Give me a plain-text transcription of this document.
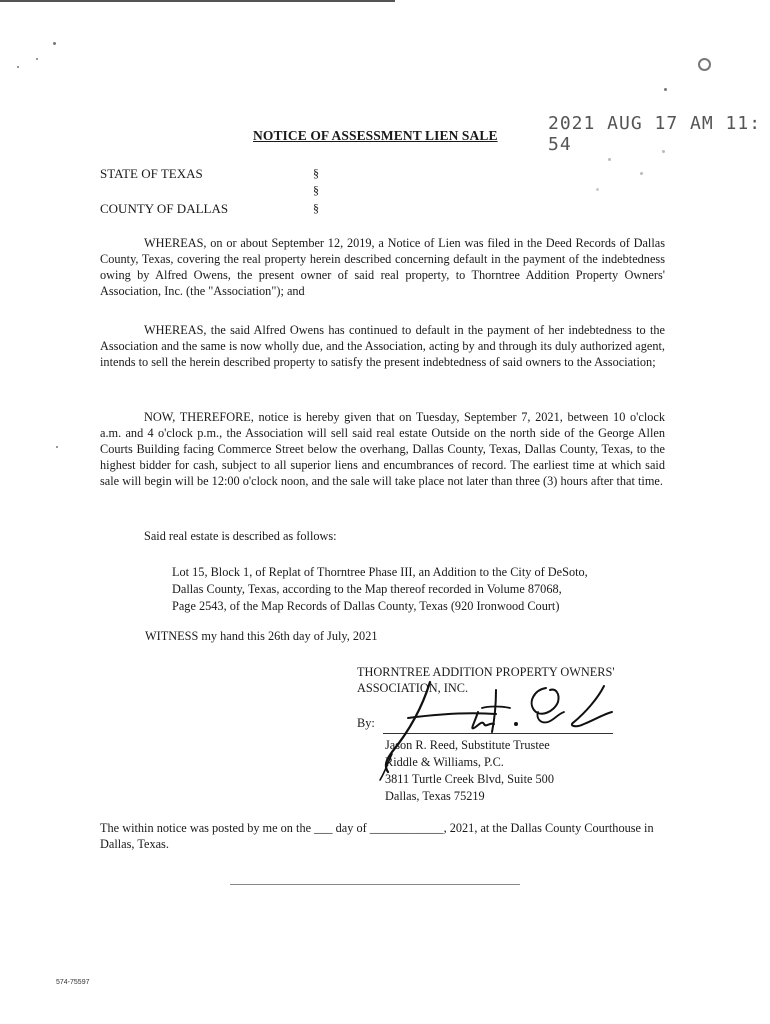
2021 AUG 17 AM 11: 54
NOTICE OF ASSESSMENT LIEN SALE
STATE OF TEXAS
COUNTY OF DALLAS
§
§
§
WHEREAS, on or about September 12, 2019, a Notice of Lien was filed in the Deed Records of Dallas County, Texas, covering the real property herein described concerning default in the payment of the indebtedness owing by Alfred Owens, the present owner of said real property, to Thorntree Addition Property Owners' Association, Inc. (the "Association"); and
WHEREAS, the said Alfred Owens has continued to default in the payment of her indebtedness to the Association and the same is now wholly due, and the Association, acting by and through its duly authorized agent, intends to sell the herein described property to satisfy the present indebtedness of said owners to the Association;
NOW, THEREFORE, notice is hereby given that on Tuesday, September 7, 2021, between 10 o'clock a.m. and 4 o'clock p.m., the Association will sell said real estate Outside on the north side of the George Allen Courts Building facing Commerce Street below the overhang, Dallas County, Texas, Dallas County, Texas, to the highest bidder for cash, subject to all superior liens and encumbrances of record. The earliest time at which said sale will begin will be 12:00 o'clock noon, and the sale will take place not later than three (3) hours after that time.
Said real estate is described as follows:
Lot 15, Block 1, of Replat of Thorntree Phase III, an Addition to the City of DeSoto,
Dallas County, Texas, according to the Map thereof recorded in Volume 87068,
Page 2543, of the Map Records of Dallas County, Texas (920 Ironwood Court)
WITNESS my hand this 26th day of July, 2021
THORNTREE ADDITION PROPERTY OWNERS'
ASSOCIATION, INC.
By:
Jason R. Reed, Substitute Trustee
Riddle & Williams, P.C.
3811 Turtle Creek Blvd, Suite 500
Dallas, Texas 75219
The within notice was posted by me on the ___ day of ____________, 2021, at the Dallas County Courthouse in Dallas, Texas.
574-75597
